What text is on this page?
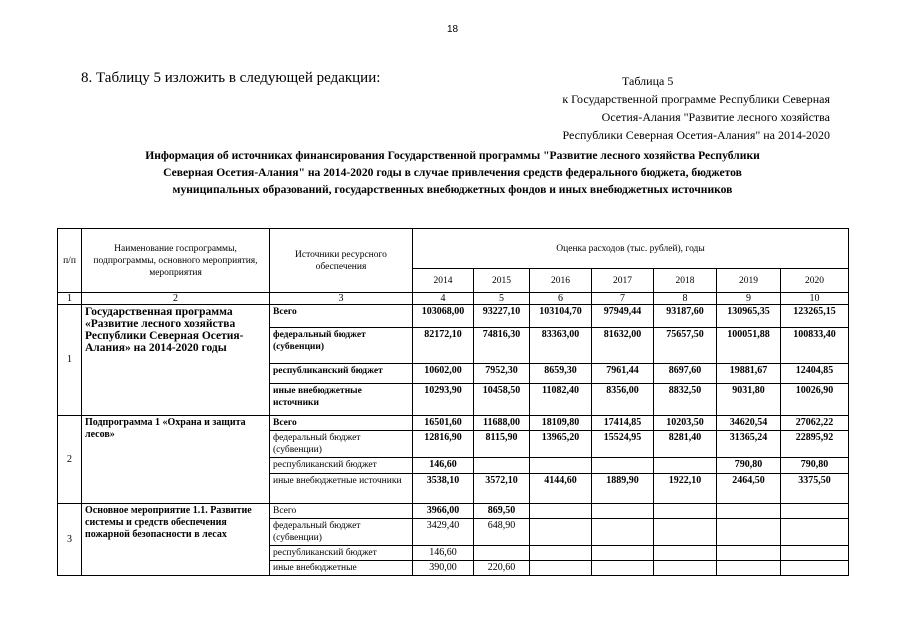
18
8. Таблицу 5 изложить в следующей редакции:	Таблица 5
к Государственной программе Республики Северная
Осетия-Алания "Развитие лесного хозяйства
Республики Северная Осетия-Алания" на 2014-2020
Информация об источниках финансирования Государственной программы "Развитие лесного хозяйства Республики
Северная Осетия-Алания" на 2014-2020 годы в случае привлечения средств федерального бюджета, бюджетов
муниципальных образований, государственных внебюджетных фондов и иных внебюджетных источников
п/п	Наименование госпрограммы, подпрограммы, основного мероприятия, мероприятия	Источники ресурсного обеспечения	Оценка расходов (тыс. рублей), годы						
			2014	2015	2016	2017	2018	2019	2020
1	2	3	4	5	6	7	8	9	10
1	Государственная программа «Развитие лесного хозяйства Республики Северная Осетия-Алания» на 2014-2020 годы	Всего	103068,00	93227,10	103104,70	97949,44	93187,60	130965,35	123265,15
		федеральный бюджет (субвенции)	82172,10	74816,30	83363,00	81632,00	75657,50	100051,88	100833,40
		республиканский бюджет	10602,00	7952,30	8659,30	7961,44	8697,60	19881,67	12404,85
		иные внебюджетные источники	10293,90	10458,50	11082,40	8356,00	8832,50	9031,80	10026,90
2	Подпрограмма 1 «Охрана и защита лесов»	Всего	16501,60	11688,00	18109,80	17414,85	10203,50	34620,54	27062,22
		федеральный бюджет (субвенции)	12816,90	8115,90	13965,20	15524,95	8281,40	31365,24	22895,92
		республиканский бюджет	146,60					790,80	790,80
		иные внебюджетные источники	3538,10	3572,10	4144,60	1889,90	1922,10	2464,50	3375,50
3	Основное мероприятие 1.1. Развитие системы и средств обеспечения пожарной безопасности в лесах	Всего	3966,00	869,50					
		федеральный бюджет (субвенции)	3429,40	648,90					
		республиканский бюджет	146,60						
		иные внебюджетные	390,00	220,60					
